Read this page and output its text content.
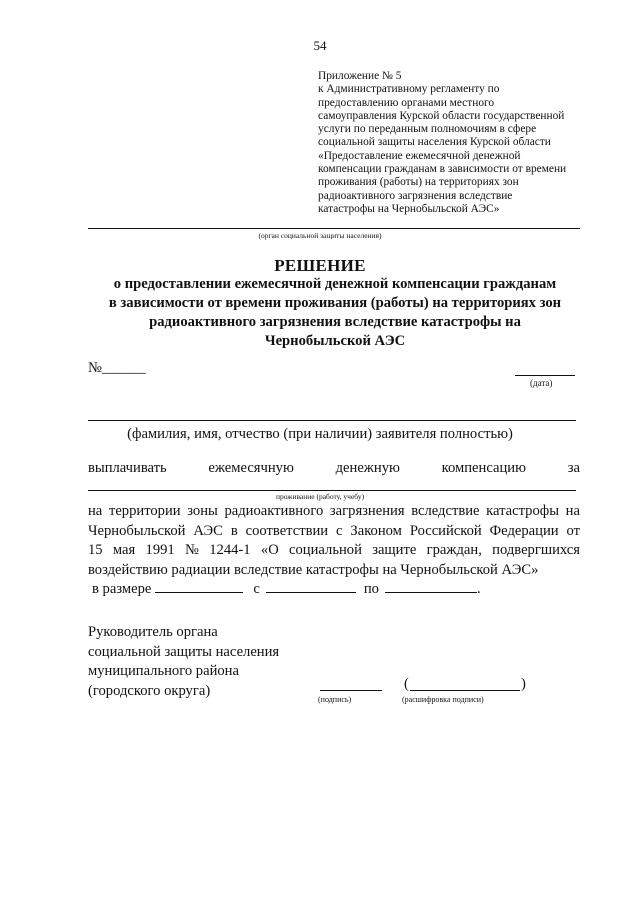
54
Приложение № 5
к Административному регламенту по
предоставлению органами местного
самоуправления Курской области государственной
услуги по переданным полномочиям в сфере
социальной защиты населения Курской области
«Предоставление ежемесячной денежной
компенсации гражданам в зависимости от времени
проживания (работы) на территориях зон
радиоактивного загрязнения вследствие
катастрофы на Чернобыльской АЭС»
(орган социальной защиты населения)
РЕШЕНИЕ
о предоставлении ежемесячной денежной компенсации гражданам
в зависимости от времени проживания (работы) на территориях зон
радиоактивного загрязнения вследствие катастрофы на
Чернобыльской АЭС
№______
(дата)
(фамилия, имя, отчество (при наличии) заявителя полностью)
выплачивать	ежемесячную	денежную	компенсацию	за
проживание (работу, учебу)
на территории зоны радиоактивного загрязнения вследствие катастрофы на
Чернобыльской АЭС в соответствии с Законом Российской Федерации от
15 мая 1991 № 1244-1 «О социальной защите граждан, подвергшихся
воздействию радиации вследствие катастрофы на Чернобыльской АЭС»
в размере	с	по	.
Руководитель органа
социальной защиты населения
муниципального района
(городского округа)
(подпись)
(	)
(расшифровка подписи)
